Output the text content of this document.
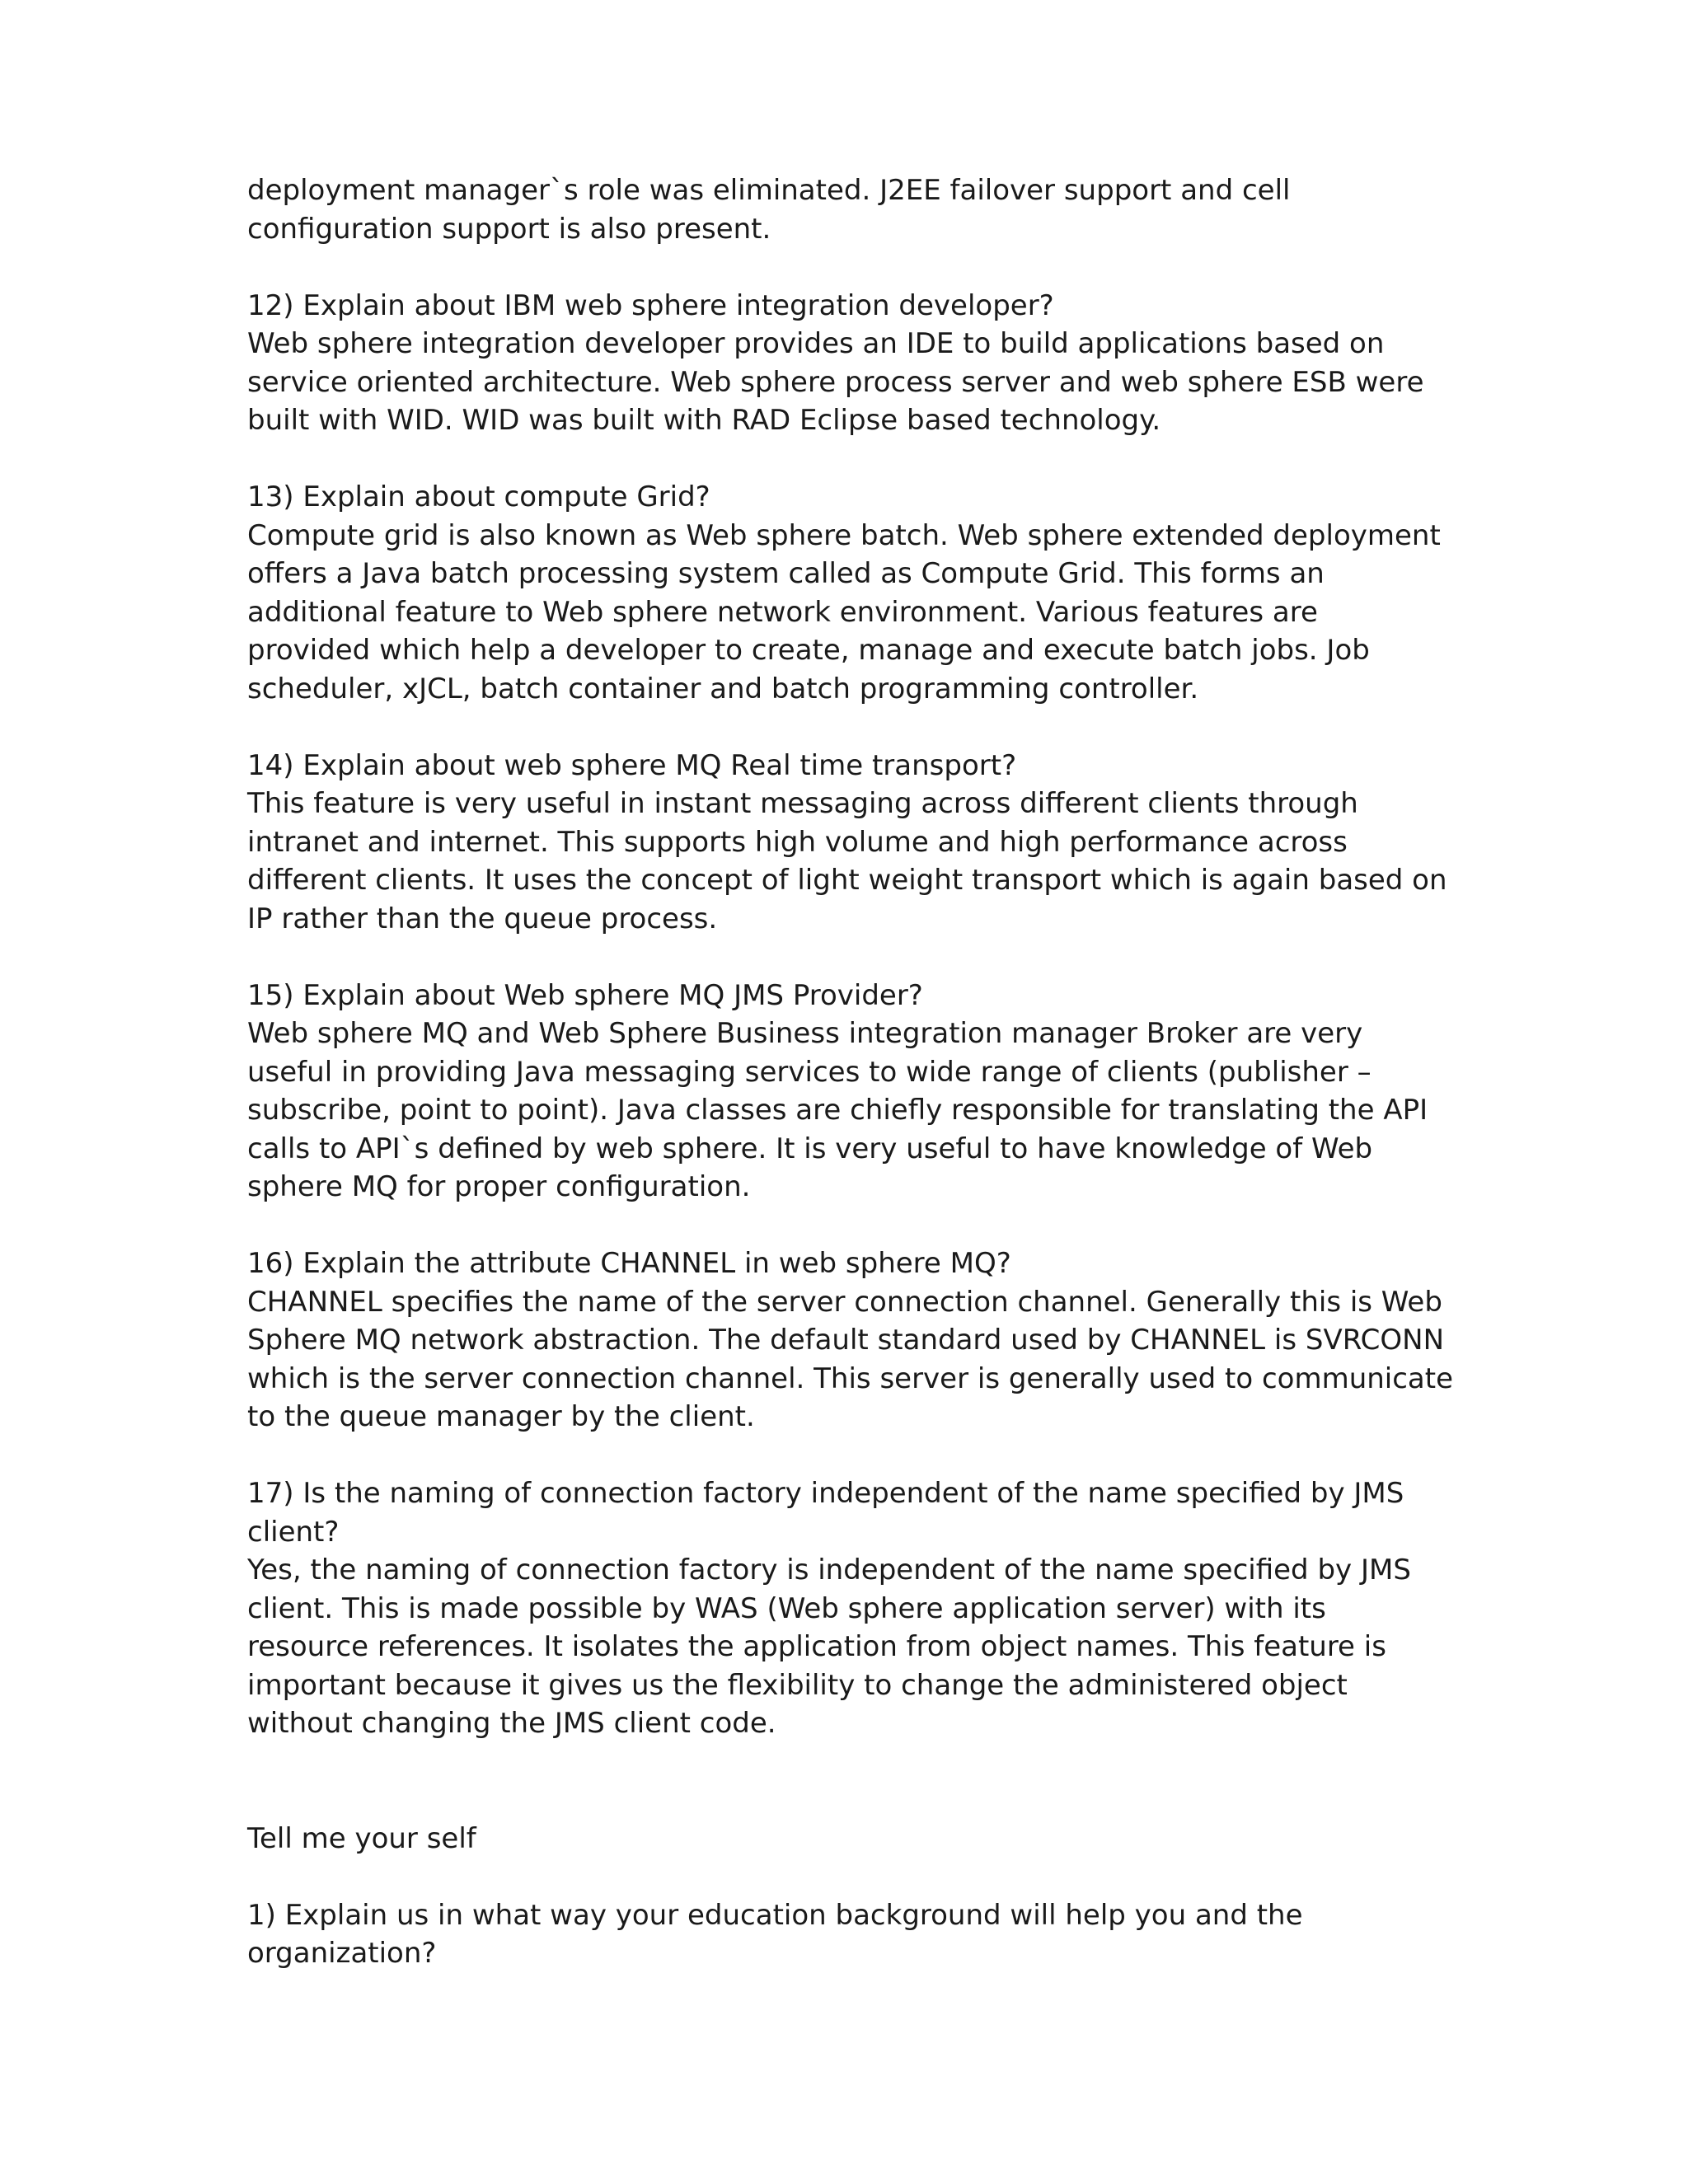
deployment manager`s role was eliminated. J2EE failover support and cell
configuration support is also present.
12) Explain about IBM web sphere integration developer?
Web sphere integration developer provides an IDE to build applications based on
service oriented architecture. Web sphere process server and web sphere ESB were
built with WID. WID was built with RAD Eclipse based technology.
13) Explain about compute Grid?
Compute grid is also known as Web sphere batch. Web sphere extended deployment
offers a Java batch processing system called as Compute Grid. This forms an
additional feature to Web sphere network environment. Various features are
provided which help a developer to create, manage and execute batch jobs. Job
scheduler, xJCL, batch container and batch programming controller.
14) Explain about web sphere MQ Real time transport?
This feature is very useful in instant messaging across different clients through
intranet and internet. This supports high volume and high performance across
different clients. It uses the concept of light weight transport which is again based on
IP rather than the queue process.
15) Explain about Web sphere MQ JMS Provider?
Web sphere MQ and Web Sphere Business integration manager Broker are very
useful in providing Java messaging services to wide range of clients (publisher –
subscribe, point to point). Java classes are chiefly responsible for translating the API
calls to API`s defined by web sphere. It is very useful to have knowledge of Web
sphere MQ for proper configuration.
16) Explain the attribute CHANNEL in web sphere MQ?
CHANNEL specifies the name of the server connection channel. Generally this is Web
Sphere MQ network abstraction. The default standard used by CHANNEL is SVRCONN
which is the server connection channel. This server is generally used to communicate
to the queue manager by the client.
17) Is the naming of connection factory independent of the name specified by JMS
client?
Yes, the naming of connection factory is independent of the name specified by JMS
client. This is made possible by WAS (Web sphere application server) with its
resource references. It isolates the application from object names. This feature is
important because it gives us the flexibility to change the administered object
without changing the JMS client code.
Tell me your self
1) Explain us in what way your education background will help you and the
organization?
